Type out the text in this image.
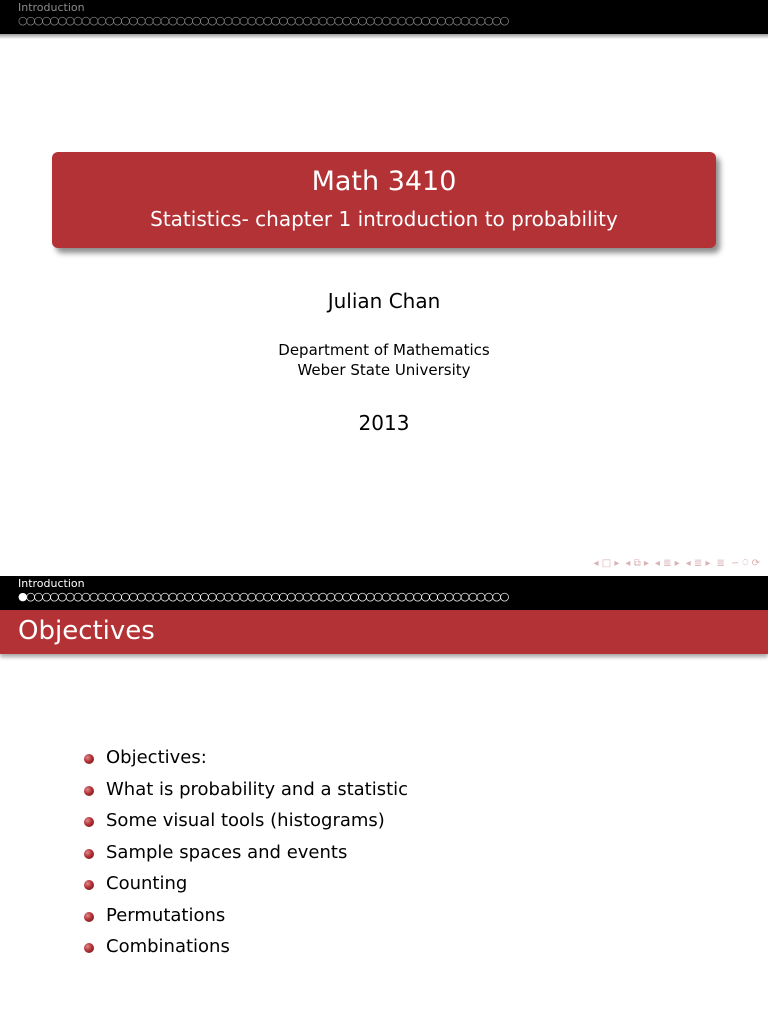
Introduction
○○○○○○○○○○○○○○○○○○○○○○○○○○○○○○○○○○○○○○○○○○○○○○○○○○○○○○○○○○○○○○
Math 3410
Statistics- chapter 1 introduction to probability
Julian Chan
Department of Mathematics
Weber State University
2013
◂ □ ▸ ◂ ⧉ ▸ ◂ ≣ ▸ ◂ ≣ ▸ ≣ ∽ ⍥ ⟳
Introduction
●○○○○○○○○○○○○○○○○○○○○○○○○○○○○○○○○○○○○○○○○○○○○○○○○○○○○○○○○○○○○○
Objectives
Objectives:
What is probability and a statistic
Some visual tools (histograms)
Sample spaces and events
Counting
Permutations
Combinations
